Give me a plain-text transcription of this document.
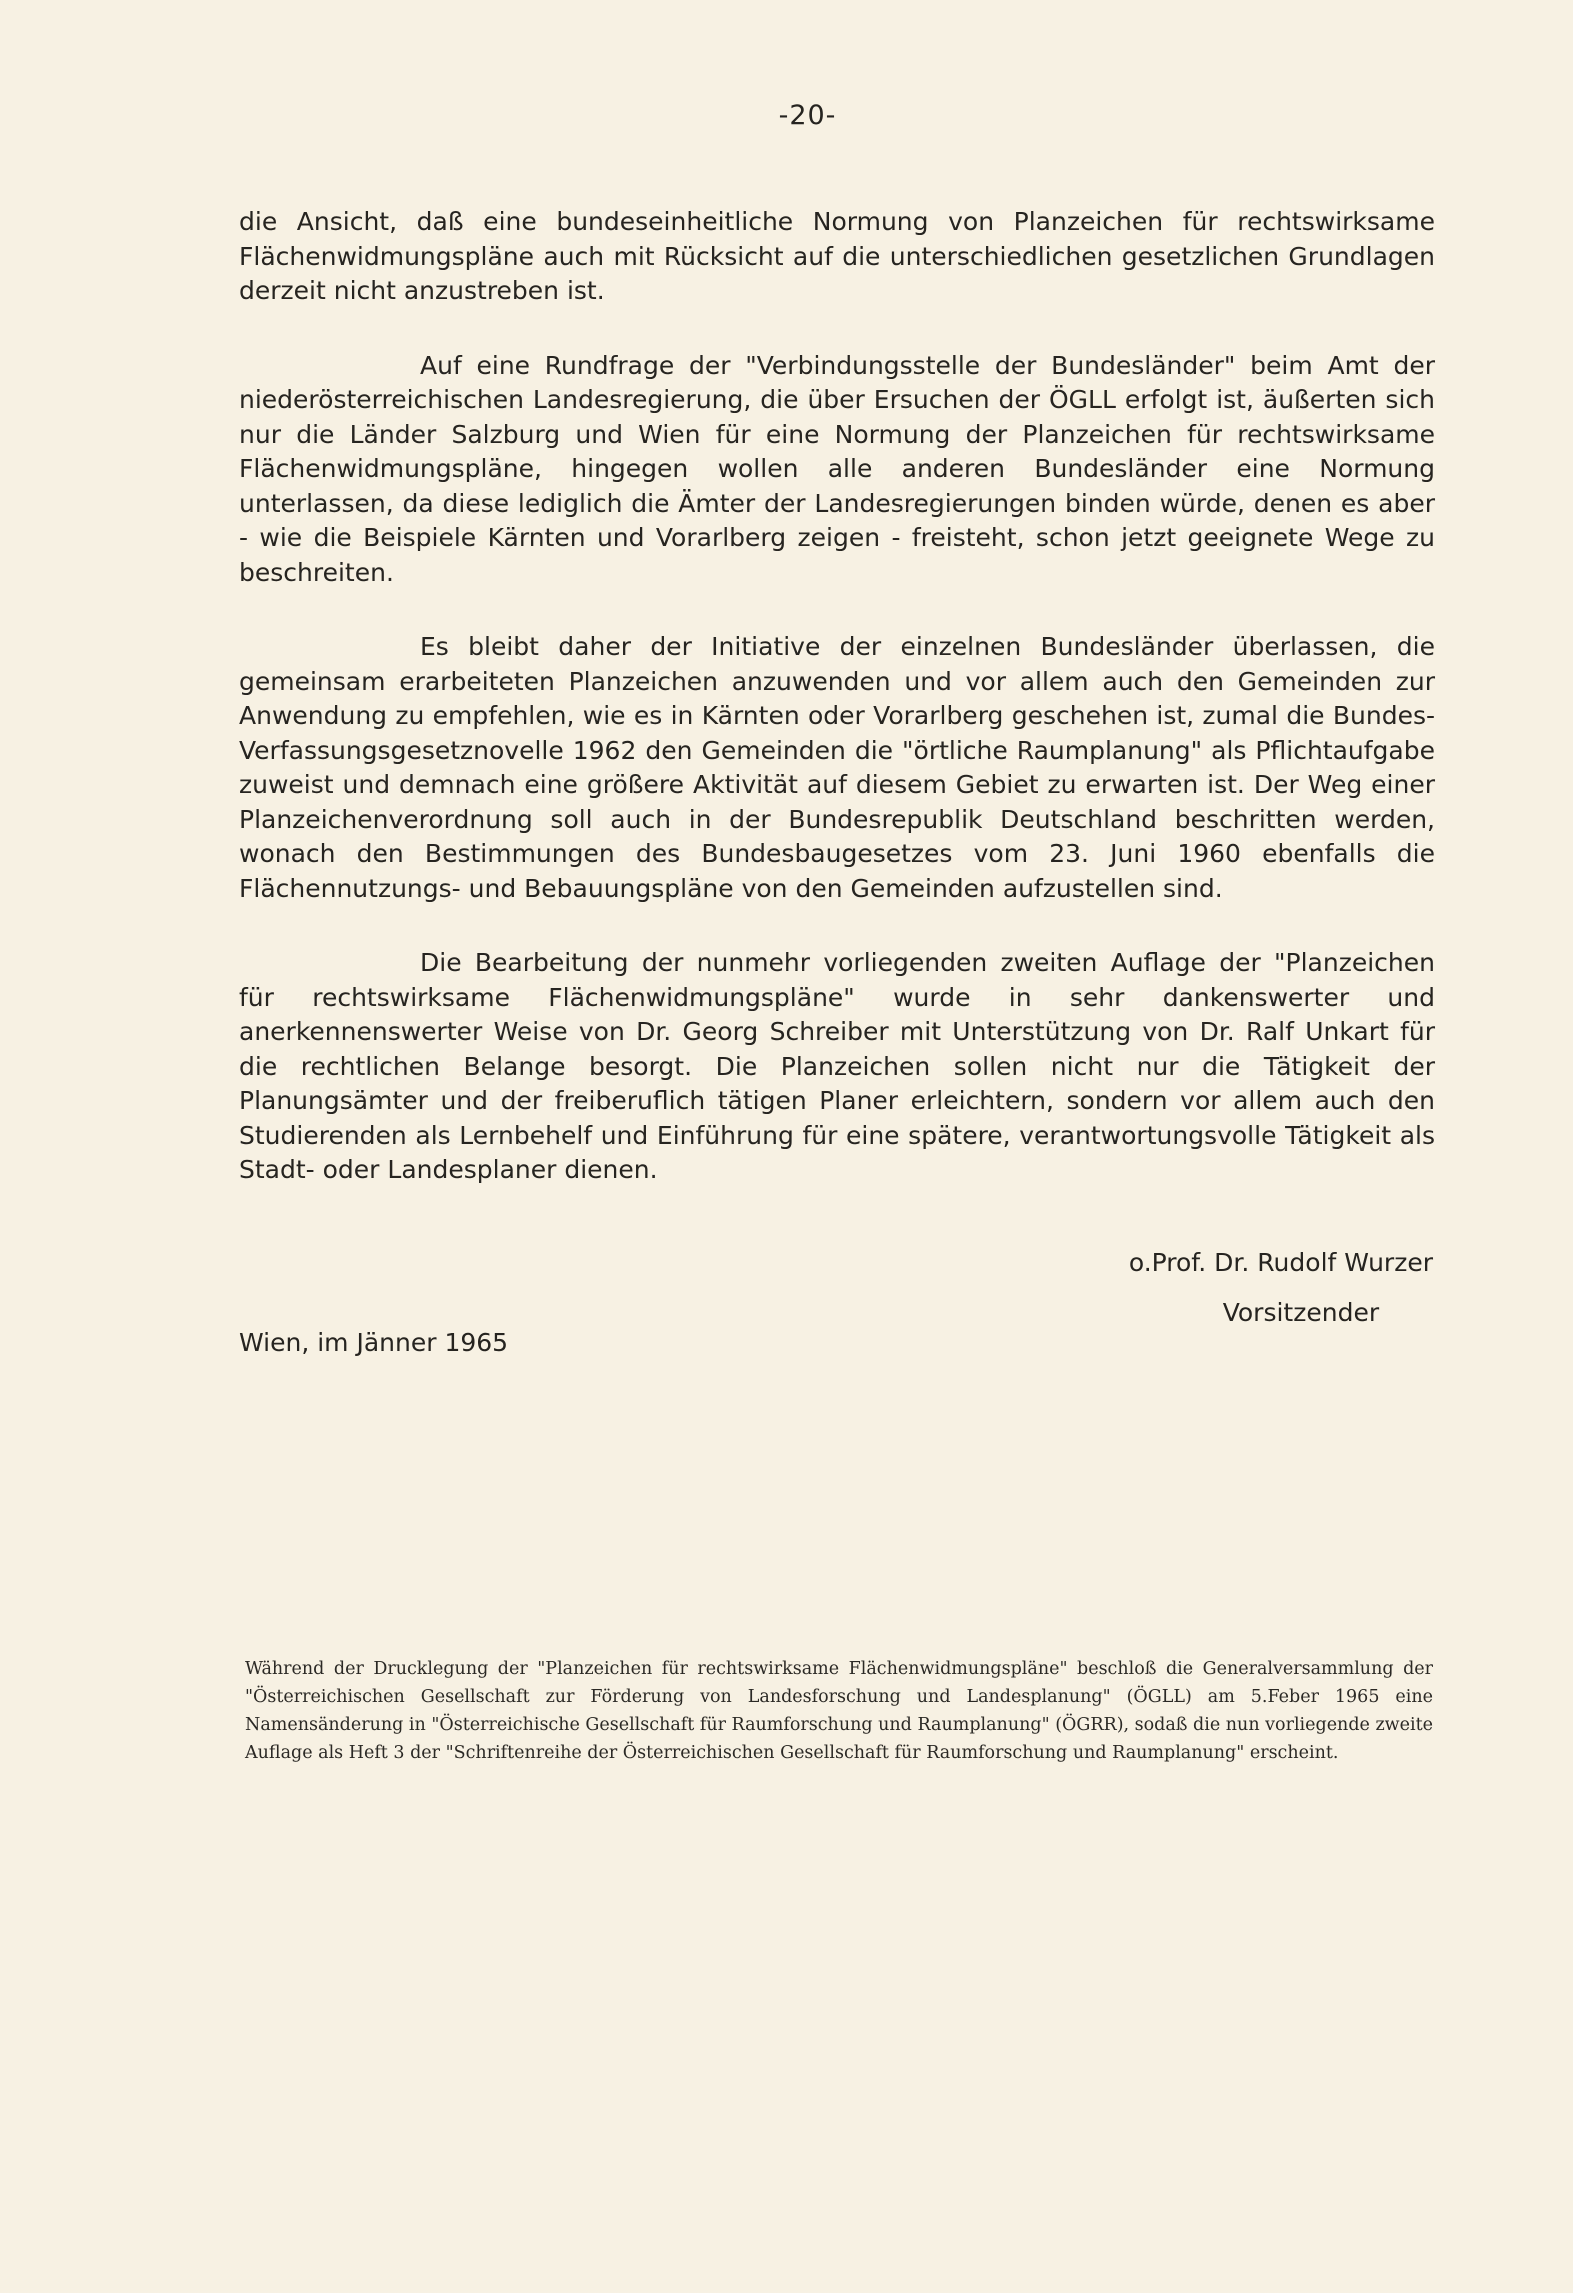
-20-

die Ansicht, daß eine bundeseinheitliche Normung von Planzeichen für rechtswirksame Flächenwidmungspläne auch mit Rücksicht auf die unterschiedlichen gesetzlichen Grundlagen derzeit nicht anzustreben ist.

Auf eine Rundfrage der "Verbindungsstelle der Bundesländer" beim Amt der niederösterreichischen Landesregierung, die über Ersuchen der ÖGLL erfolgt ist, äußerten sich nur die Länder Salzburg und Wien für eine Normung der Planzeichen für rechtswirksame Flächenwidmungspläne, hingegen wollen alle anderen Bundesländer eine Normung unterlassen, da diese lediglich die Ämter der Landesregierungen binden würde, denen es aber - wie die Beispiele Kärnten und Vorarlberg zeigen - freisteht, schon jetzt geeignete Wege zu beschreiten.

Es bleibt daher der Initiative der einzelnen Bundesländer überlassen, die gemeinsam erarbeiteten Planzeichen anzuwenden und vor allem auch den Gemeinden zur Anwendung zu empfehlen, wie es in Kärnten oder Vorarlberg geschehen ist, zumal die Bundes-Verfassungsgesetznovelle 1962 den Gemeinden die "örtliche Raumplanung" als Pflichtaufgabe zuweist und demnach eine größere Aktivität auf diesem Gebiet zu erwarten ist. Der Weg einer Planzeichenverordnung soll auch in der Bundesrepublik Deutschland beschritten werden, wonach den Bestimmungen des Bundesbaugesetzes vom 23. Juni 1960 ebenfalls die Flächennutzungs- und Bebauungspläne von den Gemeinden aufzustellen sind.

Die Bearbeitung der nunmehr vorliegenden zweiten Auflage der "Planzeichen für rechtswirksame Flächenwidmungspläne" wurde in sehr dankenswerter und anerkennenswerter Weise von Dr. Georg Schreiber mit Unterstützung von Dr. Ralf Unkart für die rechtlichen Belange besorgt. Die Planzeichen sollen nicht nur die Tätigkeit der Planungsämter und der freiberuflich tätigen Planer erleichtern, sondern vor allem auch den Studierenden als Lernbehelf und Einführung für eine spätere, verantwortungsvolle Tätigkeit als Stadt- oder Landesplaner dienen.

o.Prof. Dr. Rudolf Wurzer
Vorsitzender
Wien, im Jänner 1965

Während der Drucklegung der "Planzeichen für rechtswirksame Flächenwidmungspläne" beschloß die Generalversammlung der "Österreichischen Gesellschaft zur Förderung von Landesforschung und Landesplanung" (ÖGLL) am 5.Feber 1965 eine Namensänderung in "Österreichische Gesellschaft für Raumforschung und Raumplanung" (ÖGRR), sodaß die nun vorliegende zweite Auflage als Heft 3 der "Schriftenreihe der Österreichischen Gesellschaft für Raumforschung und Raumplanung" erscheint.
